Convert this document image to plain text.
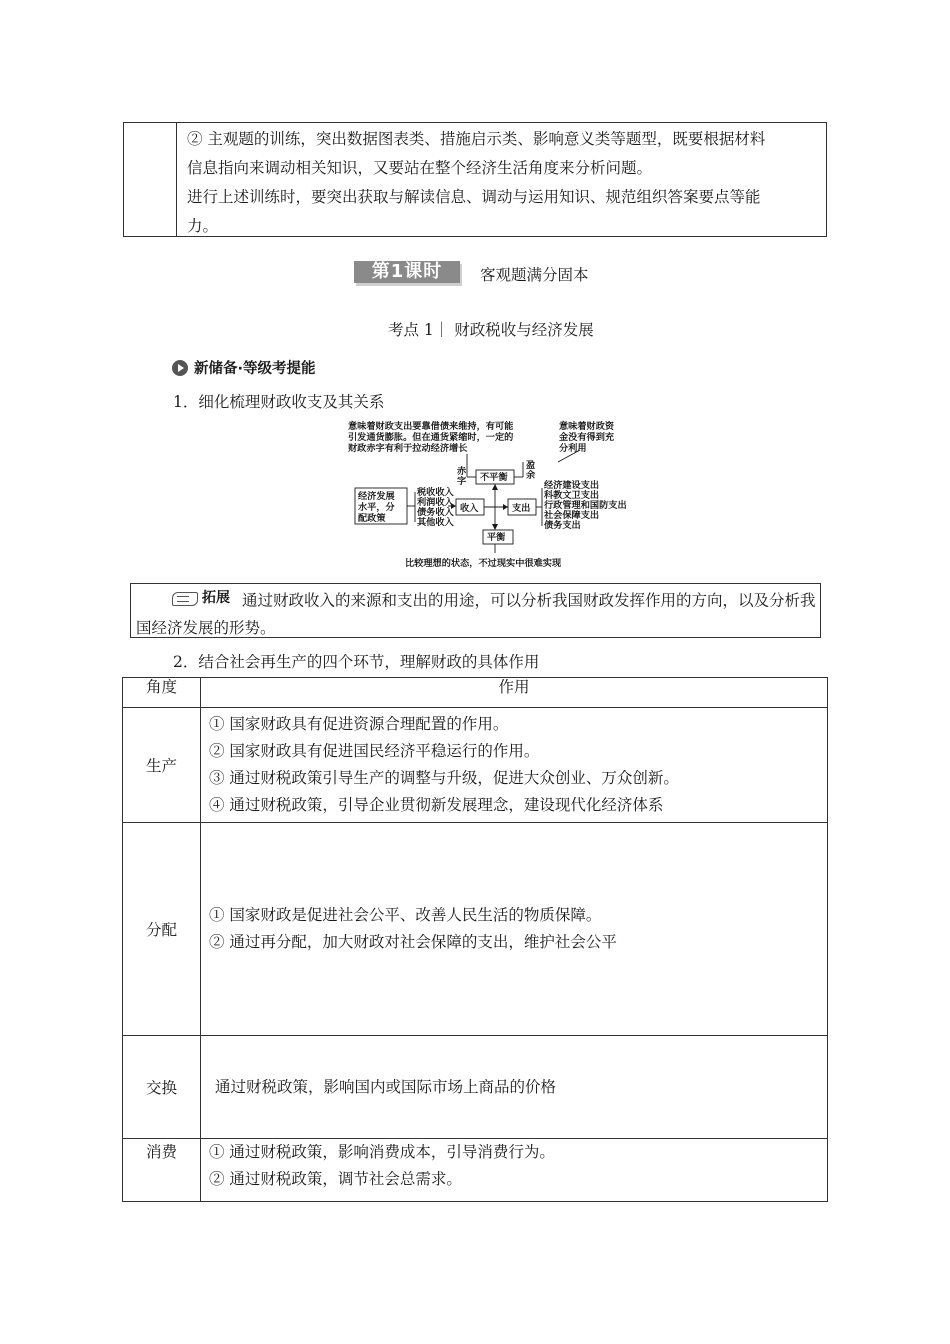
② 主观题的训练，突出数据图表类、措施启示类、影响意义类等题型，既要根据材料

信息指向来调动相关知识，又要站在整个经济生活角度来分析问题。

进行上述训练时，要突出获取与解读信息、调动与运用知识、规范组织答案要点等能

力。

第1课时	客观题满分固本
考点 1｜ 财政税收与经济发展
新储备·等级考提能
1．细化梳理财政收支及其关系
意味着财政支出要靠借债来维持，有可能
引发通货膨胀。但在通货紧缩时，一定的
财政赤字有利于拉动经济增长
意味着财政资
金没有得到充
分利用
赤
字
盈
余
不平衡
经济发展
水平，分
配政策
税收收入
利润收入
债务收入
其他收入
收入	支出
经济建设支出
科教文卫支出
行政管理和国防支出
社会保障支出
债务支出
平衡
比较理想的状态，不过现实中很难实现
拓展 通过财政收入的来源和支出的用途，可以分析我国财政发挥作用的方向，以及分析我国经济发展的形势。
2．结合社会再生产的四个环节，理解财政的具体作用
角度	作用
生产	① 国家财政具有促进资源合理配置的作用。

② 国家财政具有促进国民经济平稳运行的作用。

③ 通过财税政策引导生产的调整与升级，促进大众创业、万众创新。

④ 通过财税政策，引导企业贯彻新发展理念，建设现代化经济体系

分配	① 国家财政是促进社会公平、改善人民生活的物质保障。

② 通过再分配，加大财政对社会保障的支出，维护社会公平

交换	通过财税政策，影响国内或国际市场上商品的价格

消费	① 通过财税政策，影响消费成本，引导消费行为。

② 通过财税政策，调节社会总需求。
